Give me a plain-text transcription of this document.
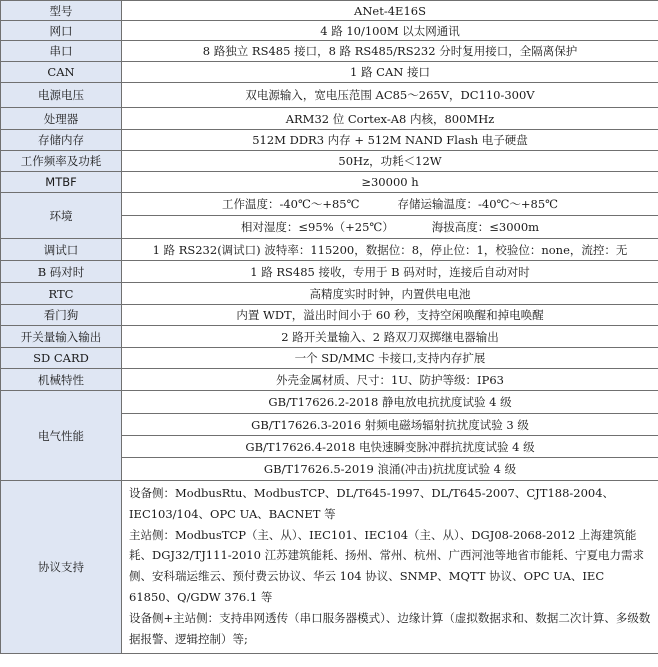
型号	ANet-4E16S
网口	4 路 10/100M 以太网通讯
串口	8 路独立 RS485 接口，8 路 RS485/RS232 分时复用接口，全隔离保护
CAN	1 路 CAN 接口
电源电压	双电源输入，宽电压范围 AC85～265V，DC110-300V
处理器	ARM32 位 Cortex-A8 内核，800MHz
存储内存	512M DDR3 内存 + 512M NAND Flash 电子硬盘
工作频率及功耗	50Hz，功耗＜12W
MTBF	≥30000 h
环境	工作温度：-40℃～+85℃ 存储运输温度：-40℃～+85℃

	相对湿度：≤95%（+25℃） 海拔高度：≤3000m

调试口	1 路 RS232(调试口) 波特率：115200，数据位：8，停止位：1，校验位：none，流控：无
B 码对时	1 路 RS485 接收，专用于 B 码对时，连接后自动对时
RTC	高精度实时时钟，内置供电电池
看门狗	内置 WDT，溢出时间小于 60 秒，支持空闲唤醒和掉电唤醒
开关量输入输出	2 路开关量输入、2 路双刀双掷继电器输出
SD CARD	一个 SD/MMC 卡接口,支持内存扩展
机械特性	外壳金属材质、尺寸：1U、防护等级：IP63
电气性能	GB/T17626.2-2018 静电放电抗扰度试验 4 级
	GB/T17626.3-2016 射频电磁场辐射抗扰度试验 3 级
	GB/T17626.4-2018 电快速瞬变脉冲群抗扰度试验 4 级
	GB/T17626.5-2019 浪涌(冲击)抗扰度试验 4 级
协议支持	设备侧：ModbusRtu、ModbusTCP、DL/T645-1997、DL/T645-2007、CJT188-2004、IEC103/104、OPC UA、BACNET 等
主站侧：ModbusTCP（主、从）、IEC101、IEC104（主、从）、DGJ08-2068-2012 上海建筑能耗、DGJ32/TJ111-2010 江苏建筑能耗、扬州、常州、杭州、广西河池等地省市能耗、宁夏电力需求侧、安科瑞运维云、预付费云协议、华云 104 协议、SNMP、MQTT 协议、OPC UA、IEC 61850、Q/GDW 376.1 等
设备侧+主站侧：支持串网透传（串口服务器模式）、边缘计算（虚拟数据求和、数据二次计算、多级数据报警、逻辑控制）等;
